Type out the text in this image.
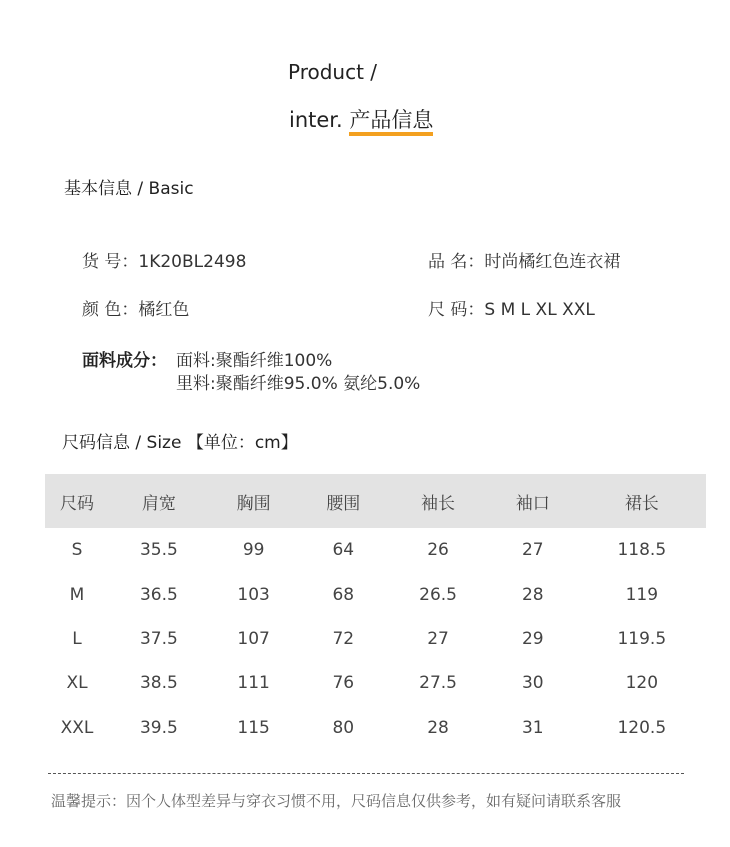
Product /
inter. 产品信息
基本信息 / Basic
货 号：1K20BL2498	品 名：时尚橘红色连衣裙
颜 色：橘红色	尺 码：S M L XL XXL
面料成分： 面料:聚酯纤维100%
里料:聚酯纤维95.0% 氨纶5.0%
尺码信息 / Size 【单位：cm】
尺码	肩宽	胸围	腰围	袖长	袖口	裙长
S	35.5	99	64	26	27	118.5
M	36.5	103	68	26.5	28	119
L	37.5	107	72	27	29	119.5
XL	38.5	111	76	27.5	30	120
XXL	39.5	115	80	28	31	120.5
温馨提示：因个人体型差异与穿衣习惯不用，尺码信息仅供参考，如有疑问请联系客服
